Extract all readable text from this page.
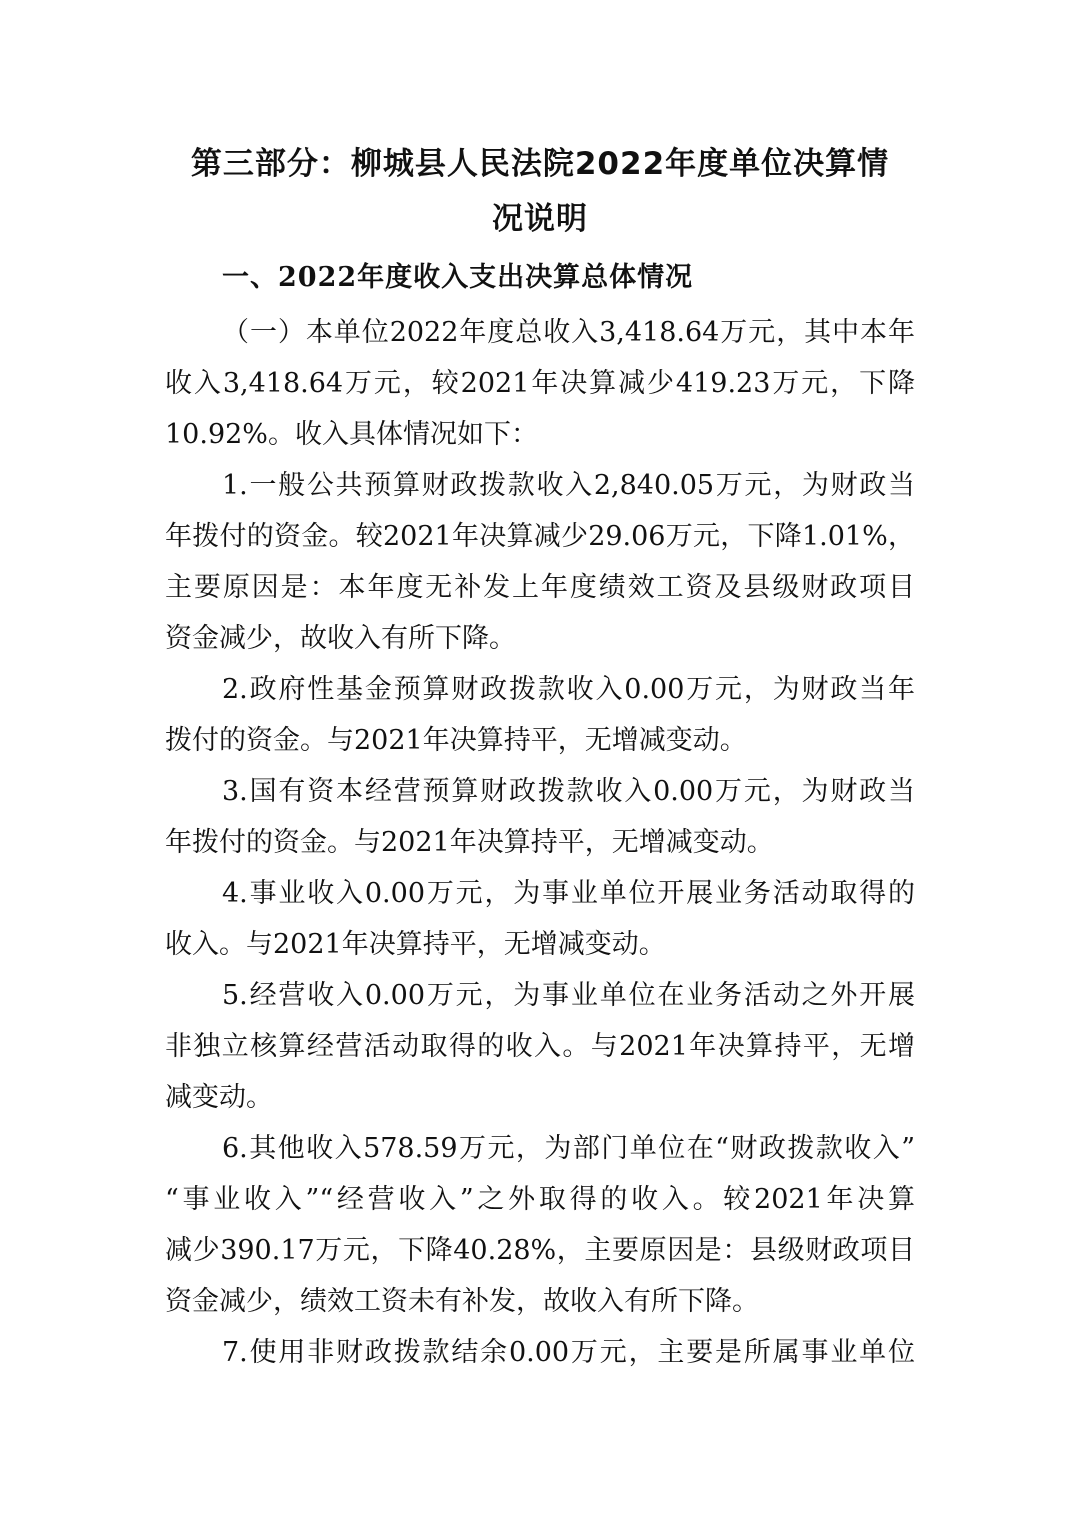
第三部分：柳城县人民法院2022年度单位决算情
况说明
一、2022年度收入支出决算总体情况
（一）本单位2022年度总收入3,418.64万元，其中本年
收入3,418.64万元，较2021年决算减少419.23万元，下降
10.92%。收入具体情况如下：
1.一般公共预算财政拨款收入2,840.05万元，为财政当
年拨付的资金。较2021年决算减少29.06万元，下降1.01%，
主要原因是：本年度无补发上年度绩效工资及县级财政项目
资金减少，故收入有所下降。
2.政府性基金预算财政拨款收入0.00万元，为财政当年
拨付的资金。与2021年决算持平，无增减变动。
3.国有资本经营预算财政拨款收入0.00万元，为财政当
年拨付的资金。与2021年决算持平，无增减变动。
4.事业收入0.00万元，为事业单位开展业务活动取得的
收入。与2021年决算持平，无增减变动。
5.经营收入0.00万元，为事业单位在业务活动之外开展
非独立核算经营活动取得的收入。与2021年决算持平，无增
减变动。
6.其他收入578.59万元，为部门单位在“财政拨款收入”
“事业收入”“经营收入”之外取得的收入。较2021年决算
减少390.17万元，下降40.28%，主要原因是：县级财政项目
资金减少，绩效工资未有补发，故收入有所下降。
7.使用非财政拨款结余0.00万元，主要是所属事业单位
